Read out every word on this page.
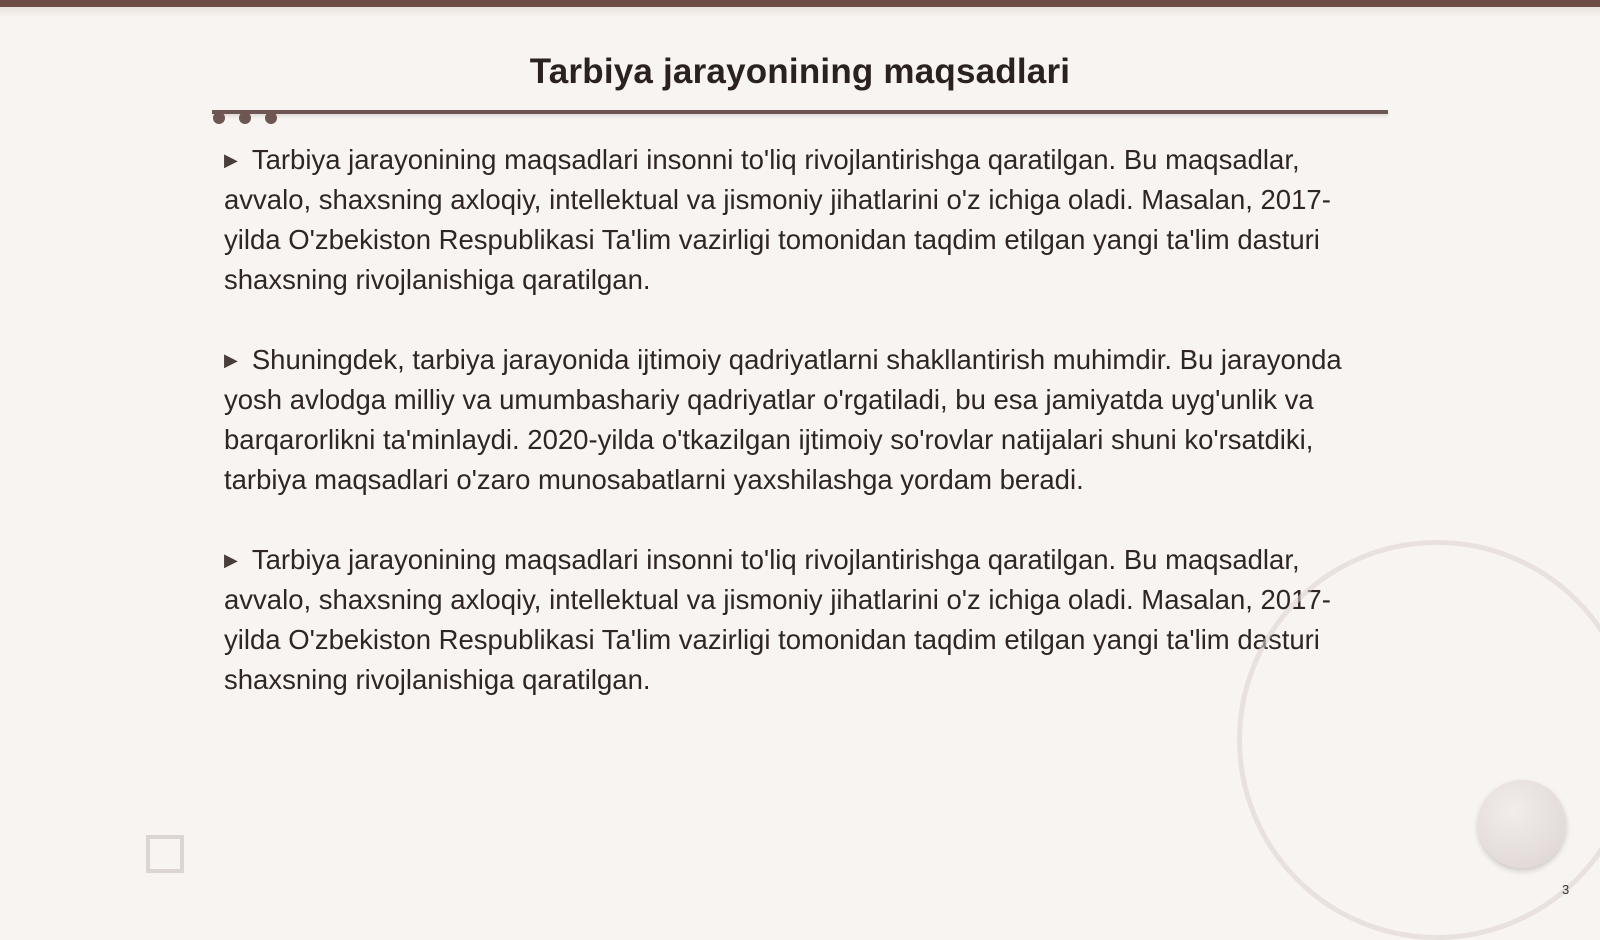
Tarbiya jarayonining maqsadlari

▶ Tarbiya jarayonining maqsadlari insonni to'liq rivojlantirishga qaratilgan. Bu maqsadlar, avvalo, shaxsning axloqiy, intellektual va jismoniy jihatlarini o'z ichiga oladi. Masalan, 2017-yilda O'zbekiston Respublikasi Ta'lim vazirligi tomonidan taqdim etilgan yangi ta'lim dasturi shaxsning rivojlanishiga qaratilgan.

▶ Shuningdek, tarbiya jarayonida ijtimoiy qadriyatlarni shakllantirish muhimdir. Bu jarayonda yosh avlodga milliy va umumbashariy qadriyatlar o'rgatiladi, bu esa jamiyatda uyg'unlik va barqarorlikni ta'minlaydi. 2020-yilda o'tkazilgan ijtimoiy so'rovlar natijalari shuni ko'rsatdiki, tarbiya maqsadlari o'zaro munosabatlarni yaxshilashga yordam beradi.

▶ Tarbiya jarayonining maqsadlari insonni to'liq rivojlantirishga qaratilgan. Bu maqsadlar, avvalo, shaxsning axloqiy, intellektual va jismoniy jihatlarini o'z ichiga oladi. Masalan, 2017-yilda O'zbekiston Respublikasi Ta'lim vazirligi tomonidan taqdim etilgan yangi ta'lim dasturi shaxsning rivojlanishiga qaratilgan.

3
